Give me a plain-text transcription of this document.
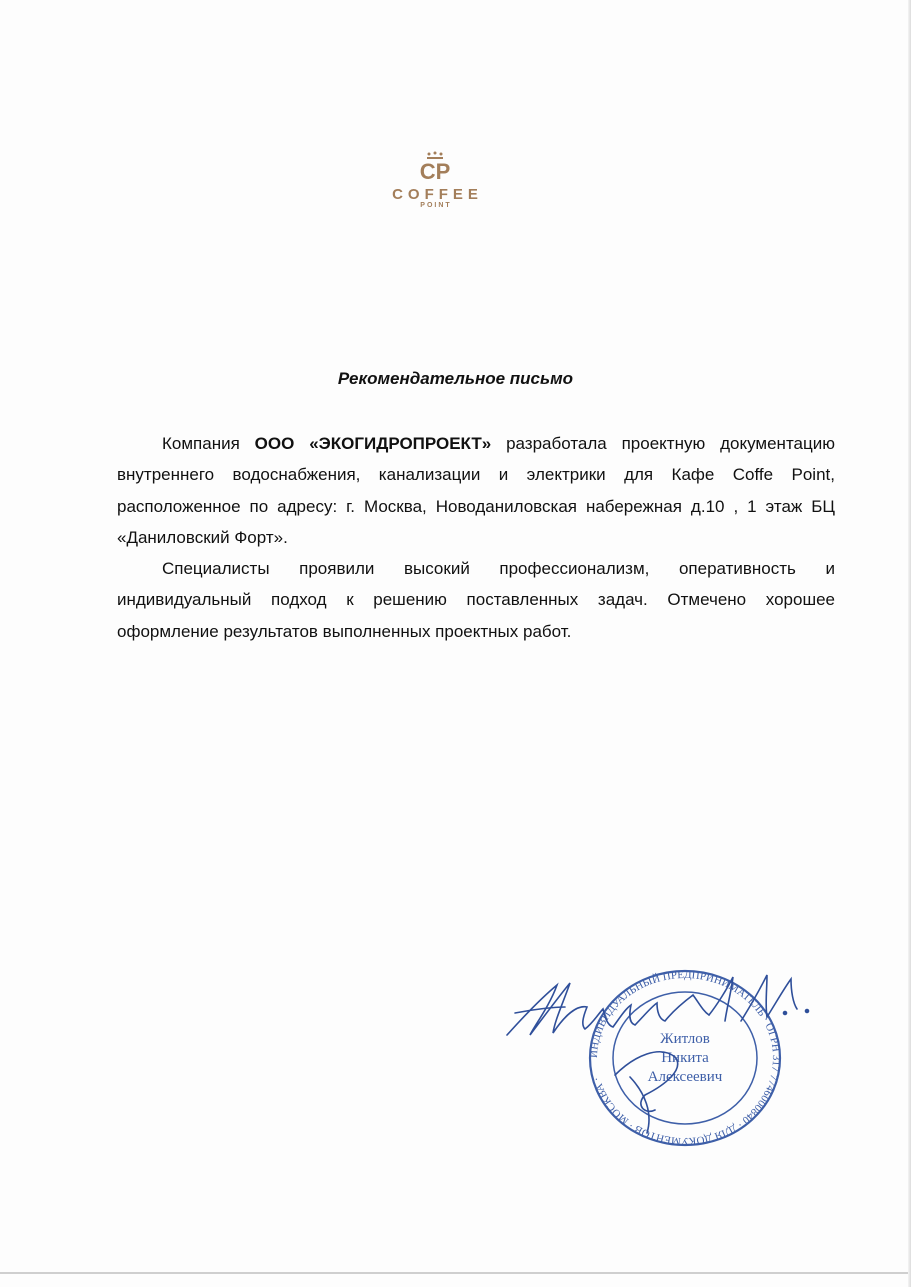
CP
COFFEE
POINT
Рекомендательное письмо

Компания ООО «ЭКОГИДРОПРОЕКТ» разработала проектную документацию внутреннего водоснабжения, канализации и электрики для Кафе Coffe Point, расположенное по адресу: г. Москва, Новоданиловская набережная д.10 , 1 этаж БЦ «Даниловский Форт».

Специалисты проявили высокий профессионализм, оперативность и индивидуальный подход к решению поставленных задач. Отмечено хорошее оформление результатов выполненных проектных работ.

ИНДИВИДУАЛЬНЫЙ ПРЕДПРИНИМАТЕЛЬ · ОГРН 317 7746000840 · ДЛЯ ДОКУМЕНТОВ · МОСКВА ·
Житлов
Никита
Алексеевич
